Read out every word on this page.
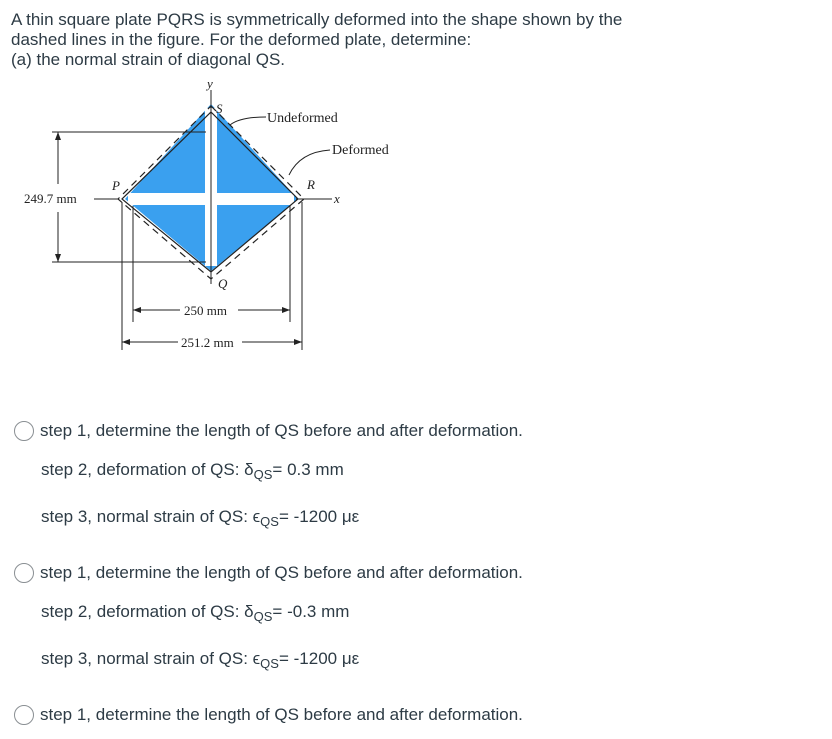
A thin square plate PQRS is symmetrically deformed into the shape shown by the
dashed lines in the figure. For the deformed plate, determine:
(a) the normal strain of diagonal QS.
y
x
S
P
Q
R
Undeformed
Deformed
249.7 mm
250 mm
251.2 mm
step 1, determine the length of QS before and after deformation.
step 2, deformation of QS: δ QS = 0.3 mm
step 3, normal strain of QS: ϵ QS = -1200 με
step 1, determine the length of QS before and after deformation.
step 2, deformation of QS: δ QS = -0.3 mm
step 3, normal strain of QS: ϵ QS = -1200 με
step 1, determine the length of QS before and after deformation.
